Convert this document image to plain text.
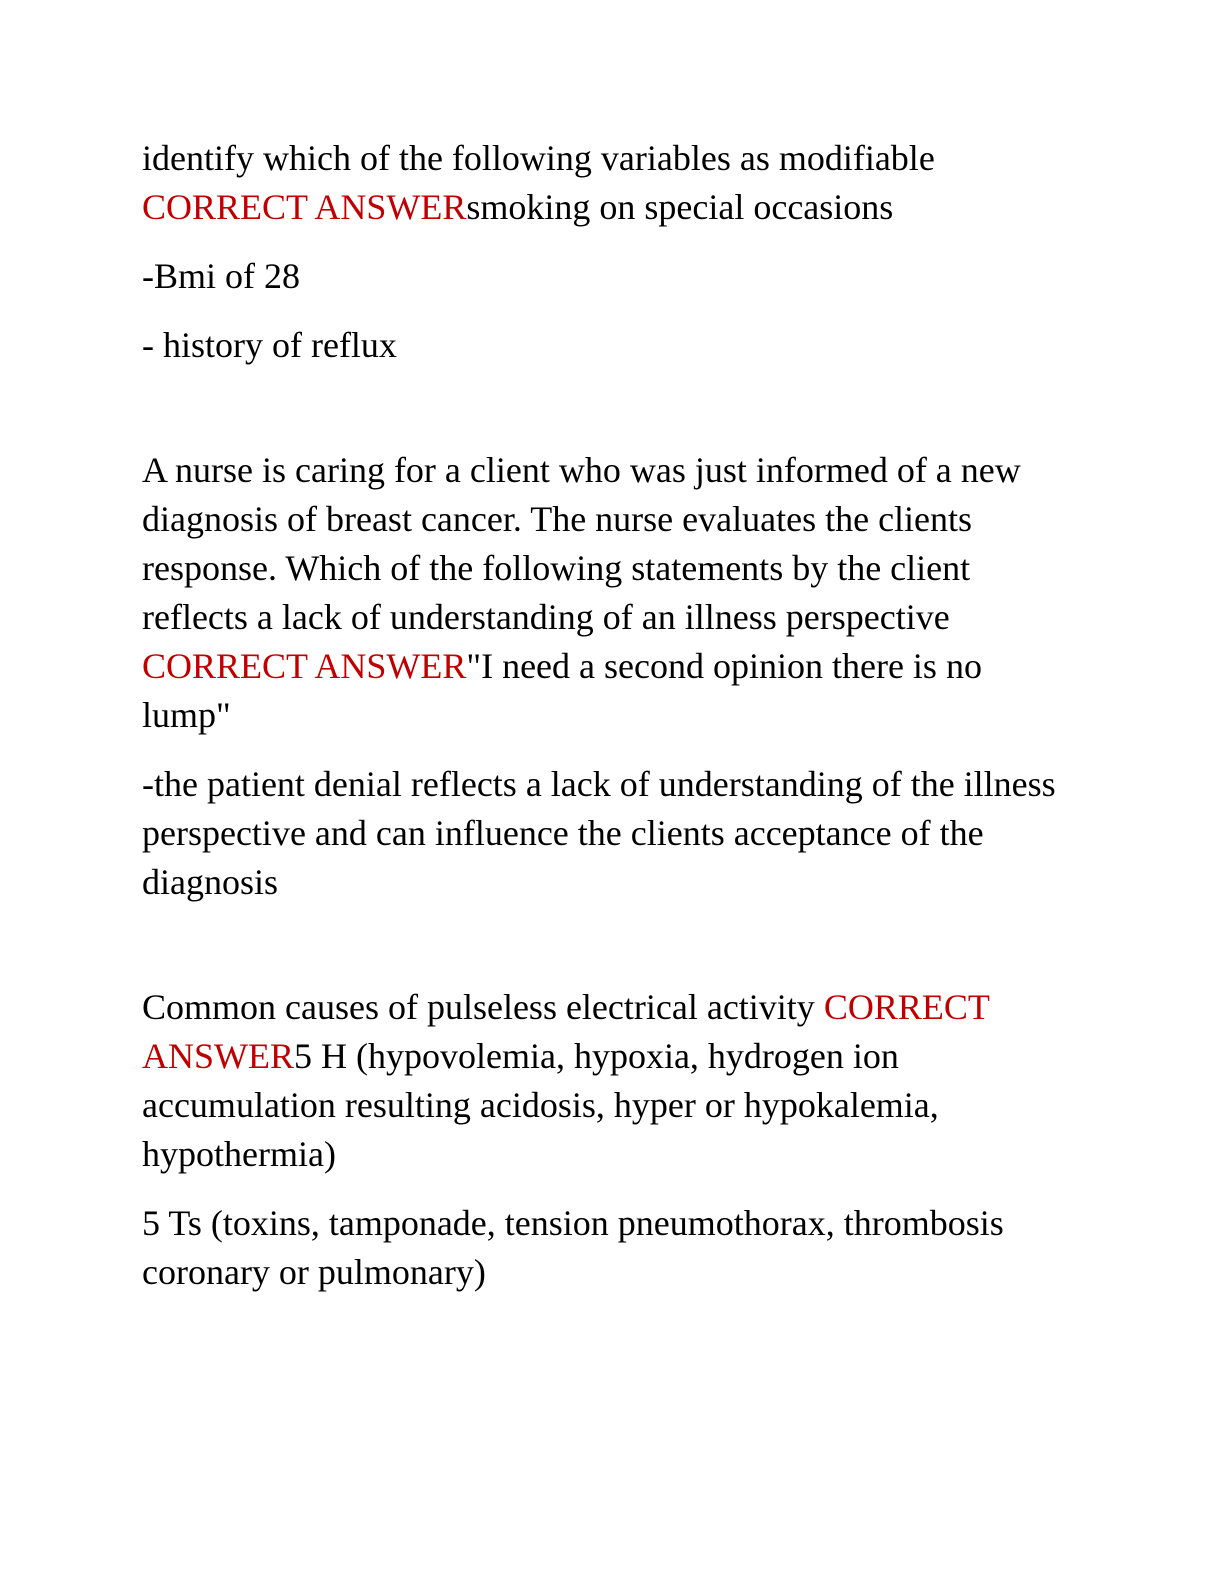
identify which of the following variables as modifiable CORRECT ANSWERsmoking on special occasions
-Bmi of 28
- history of reflux
A nurse is caring for a client who was just informed of a new diagnosis of breast cancer. The nurse evaluates the clients response. Which of the following statements by the client reflects a lack of understanding of an illness perspective CORRECT ANSWER"I need a second opinion there is no lump"
-the patient denial reflects a lack of understanding of the illness perspective and can influence the clients acceptance of the diagnosis
Common causes of pulseless electrical activity CORRECT ANSWER5 H (hypovolemia, hypoxia, hydrogen ion accumulation resulting acidosis, hyper or hypokalemia, hypothermia)
5 Ts (toxins, tamponade, tension pneumothorax, thrombosis coronary or pulmonary)
